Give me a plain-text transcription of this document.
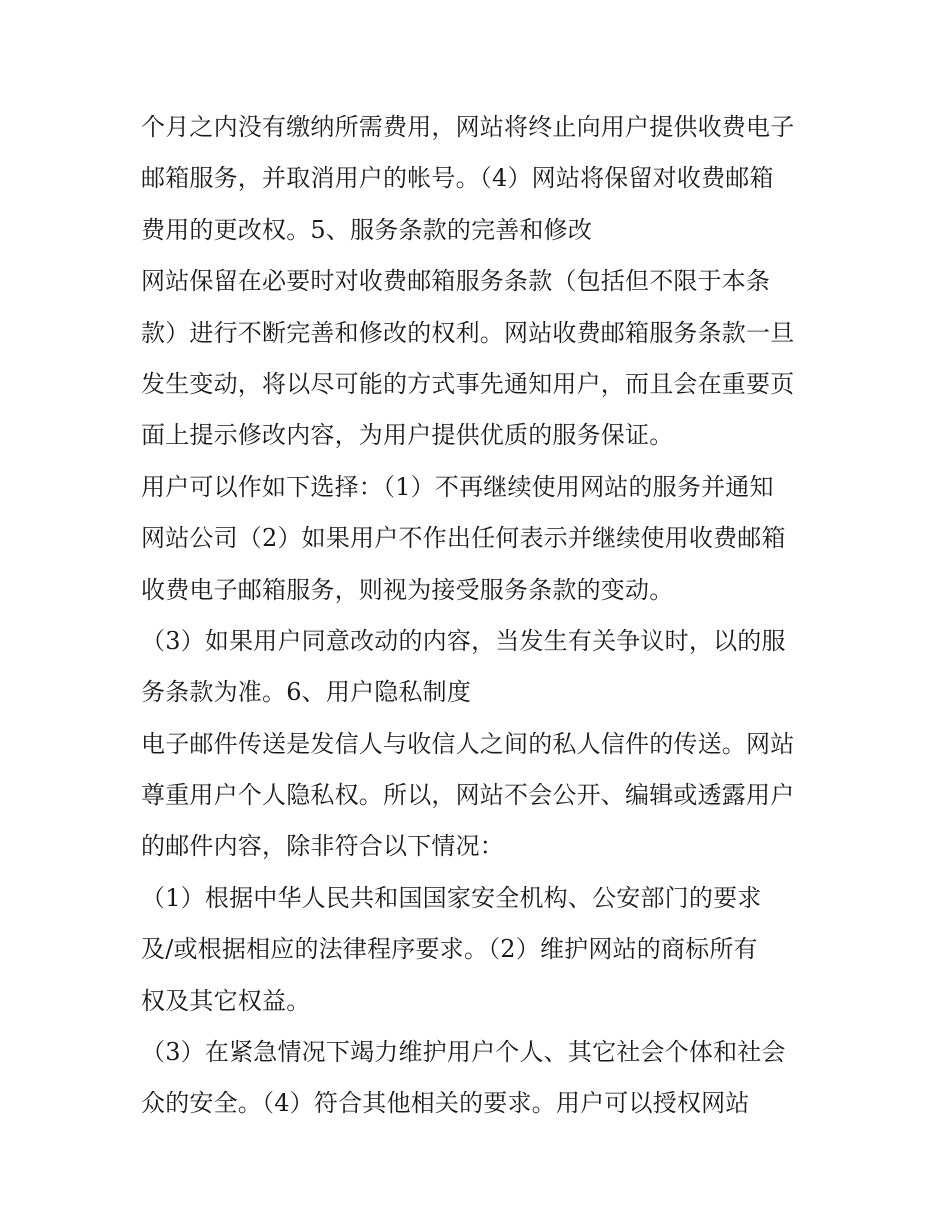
个月之内没有缴纳所需费用，网站将终止向用户提供收费电子
邮箱服务，并取消用户的帐号。（4）网站将保留对收费邮箱
费用的更改权。5、服务条款的完善和修改
网站保留在必要时对收费邮箱服务条款（包括但不限于本条
款）进行不断完善和修改的权利。网站收费邮箱服务条款一旦
发生变动，将以尽可能的方式事先通知用户，而且会在重要页
面上提示修改内容，为用户提供优质的服务保证。
用户可以作如下选择：（1）不再继续使用网站的服务并通知
网站公司（2）如果用户不作出任何表示并继续使用收费邮箱
收费电子邮箱服务，则视为接受服务条款的变动。
（3）如果用户同意改动的内容，当发生有关争议时，以的服
务条款为准。6、用户隐私制度
电子邮件传送是发信人与收信人之间的私人信件的传送。网站
尊重用户个人隐私权。所以，网站不会公开、编辑或透露用户
的邮件内容，除非符合以下情况：
（1）根据中华人民共和国国家安全机构、公安部门的要求
及/或根据相应的法律程序要求。（2）维护网站的商标所有
权及其它权益。
（3）在紧急情况下竭力维护用户个人、其它社会个体和社会
众的安全。（4）符合其他相关的要求。用户可以授权网站
